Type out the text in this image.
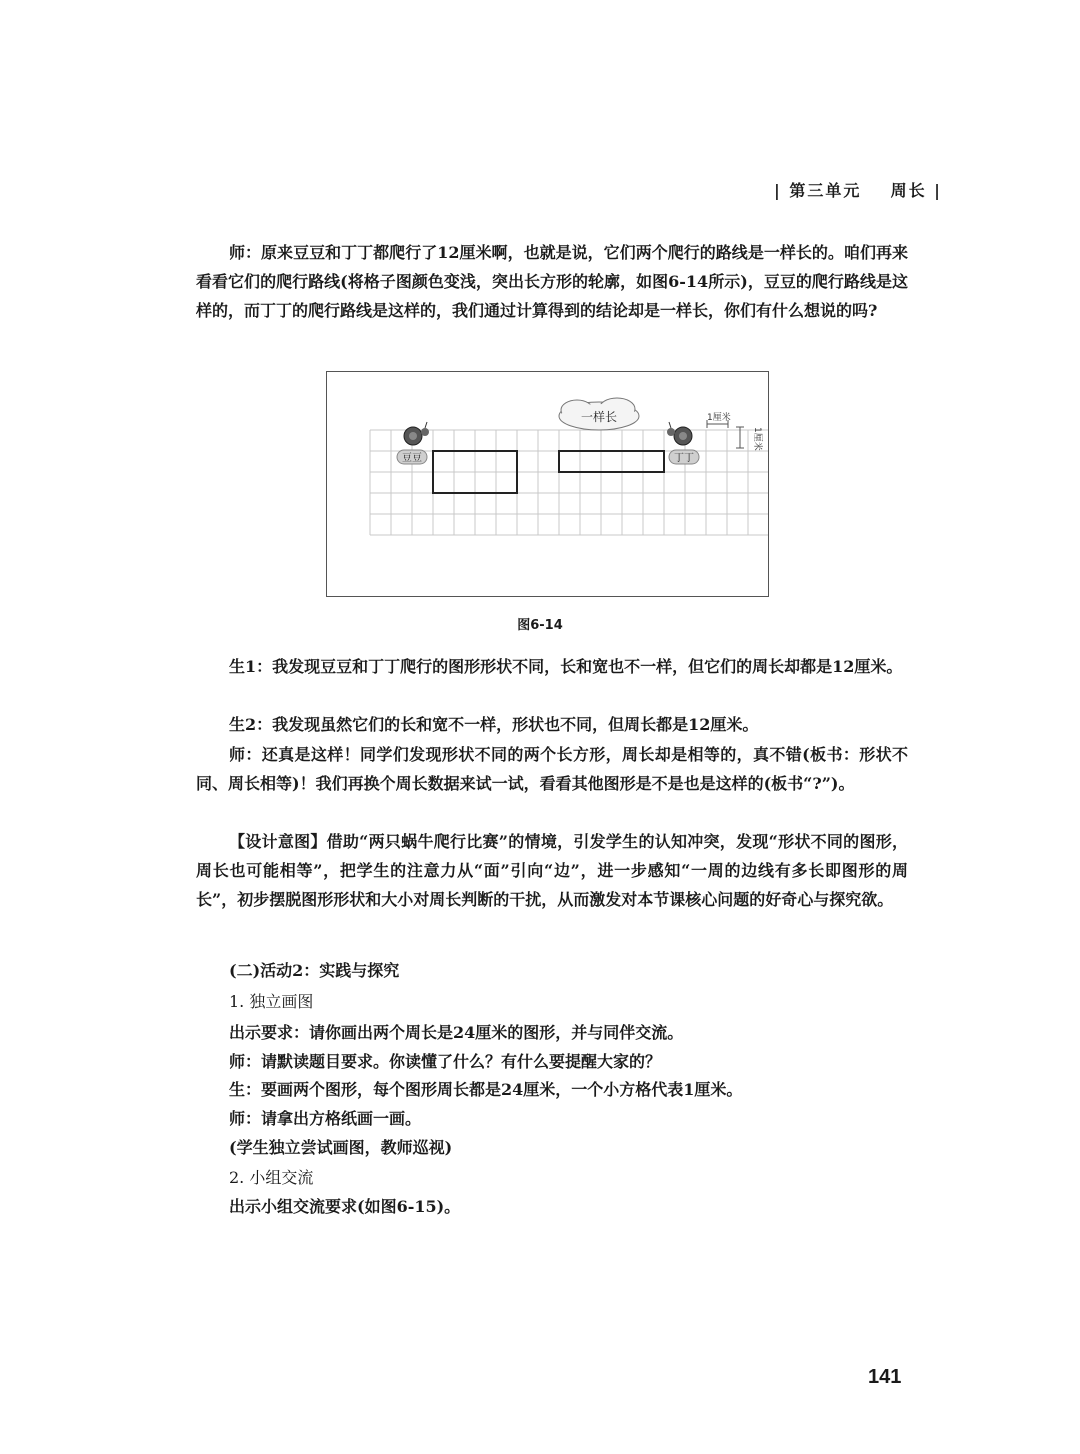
| 第三单元 周长 |

师：原来豆豆和丁丁都爬行了12厘米啊，也就是说，它们两个爬行的路线是一样长的。咱们再来看看它们的爬行路线(将格子图颜色变浅，突出长方形的轮廓，如图6-14所示)，豆豆的爬行路线是这样的，而丁丁的爬行路线是这样的，我们通过计算得到的结论却是一样长，你们有什么想说的吗?

一样长
豆豆	丁丁
1厘米
1厘米
图6-14

生1：我发现豆豆和丁丁爬行的图形形状不同，长和宽也不一样，但它们的周长却都是12厘米。

生2：我发现虽然它们的长和宽不一样，形状也不同，但周长都是12厘米。

师：还真是这样！同学们发现形状不同的两个长方形，周长却是相等的，真不错(板书：形状不同、周长相等)！我们再换个周长数据来试一试，看看其他图形是不是也是这样的(板书“?”)。

【设计意图】借助“两只蜗牛爬行比赛”的情境，引发学生的认知冲突，发现“形状不同的图形，周长也可能相等”，把学生的注意力从“面”引向“边”，进一步感知“一周的边线有多长即图形的周长”，初步摆脱图形形状和大小对周长判断的干扰，从而激发对本节课核心问题的好奇心与探究欲。

(二)活动2：实践与探究

1. 独立画图

出示要求：请你画出两个周长是24厘米的图形，并与同伴交流。

师：请默读题目要求。你读懂了什么？有什么要提醒大家的？

生：要画两个图形，每个图形周长都是24厘米，一个小方格代表1厘米。

师：请拿出方格纸画一画。

(学生独立尝试画图，教师巡视)

2. 小组交流

出示小组交流要求(如图6-15)。

141
